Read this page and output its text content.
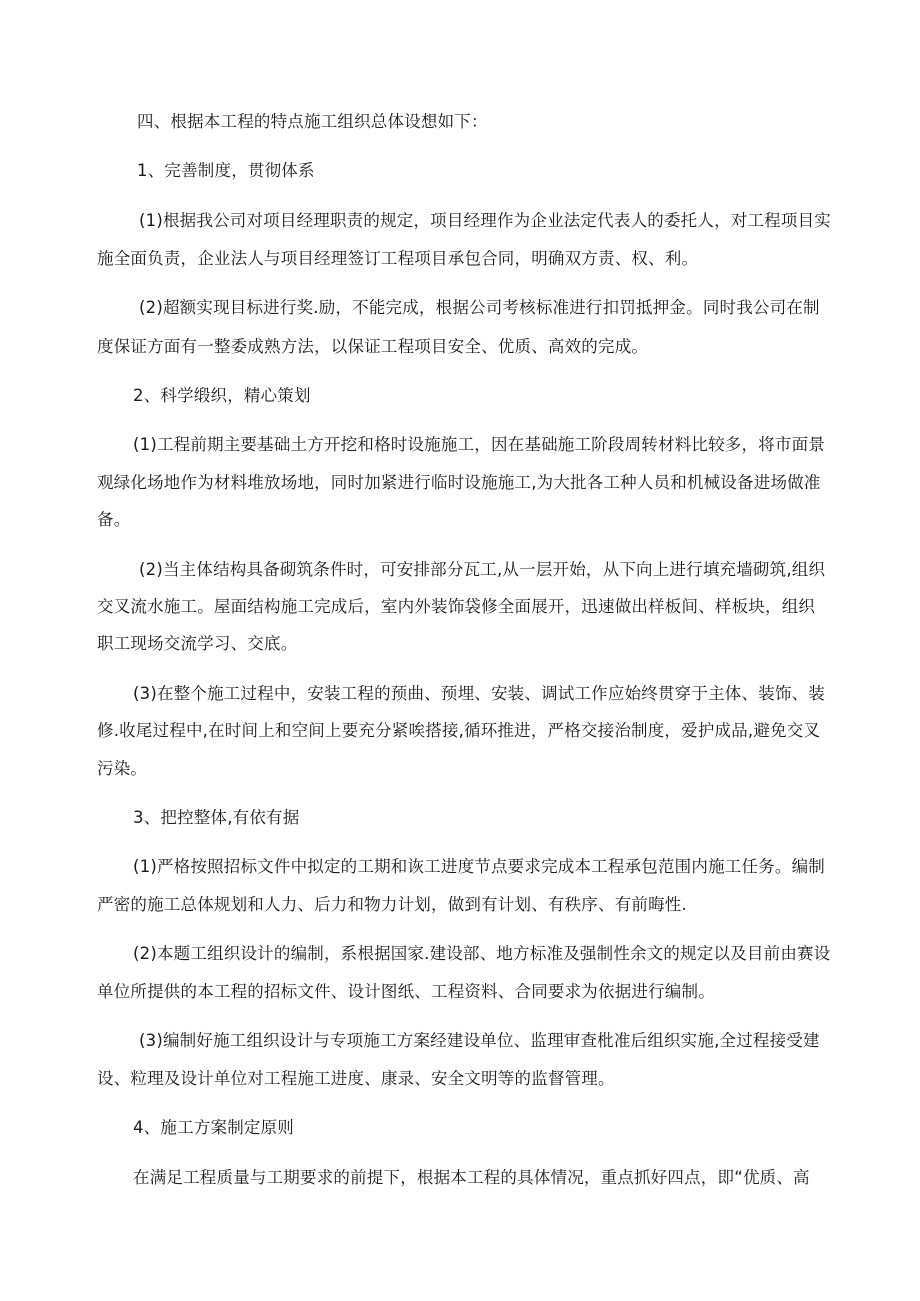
四、根据本工程的特点施工组织总体设想如下：
1、完善制度，贯彻体系
(1)根据我公司对项目经理职责的规定，项目经理作为企业法定代表人的委托人，对工程项目实
施全面负责，企业法人与项目经理签订工程项目承包合同，明确双方责、权、利。
(2)超额实现目标进行奖.励，不能完成，根据公司考核标准进行扣罚抵押金。同时我公司在制
度保证方面有一整委成熟方法，以保证工程项目安全、优质、高效的完成。
2、科学缎织，精心策划
(1)工程前期主要基础土方开挖和格时设施施工，因在基础施工阶段周转材料比较多，将市面景
观绿化场地作为材料堆放场地，同时加紧进行临时设施施工,为大批各工种人员和机械设备进场做准
备。
(2)当主体结构具备砌筑条件时，可安排部分瓦工,从一层开始，从下向上进行填充墙砌筑,组织
交叉流水施工。屋面结构施工完成后，室内外装饰袋修全面展开，迅速做出样板间、样板块，组织
职工现场交流学习、交底。
(3)在整个施工过程中，安装工程的预曲、预埋、安装、调试工作应始终贯穿于主体、装饰、装
修.收尾过程中,在时间上和空间上要充分紧唉搭接,循环推进，严格交接治制度，爱护成品,避免交叉
污染。
3、把控整体,有依有据
(1)严格按照招标文件中拟定的工期和诙工进度节点要求完成本工程承包范围内施工任务。编制
严密的施工总体规划和人力、后力和物力计划，做到有计划、有秩序、有前晦性.
(2)本题工组织设计的编制，系根据国家.建设部、地方标准及强制性余文的规定以及目前由赛设
单位所提供的本工程的招标文件、设计图纸、工程资料、合同要求为依据进行编制。
(3)编制好施工组织设计与专项施工方案经建设单位、监理审查枇准后组织实施,全过程接受建
设、粒理及设计单位对工程施工进度、康录、安全文明等的监督管理。
4、施工方案制定原则
在满足工程质量与工期要求的前提下，根据本工程的具体情况，重点抓好四点，即“优质、高
